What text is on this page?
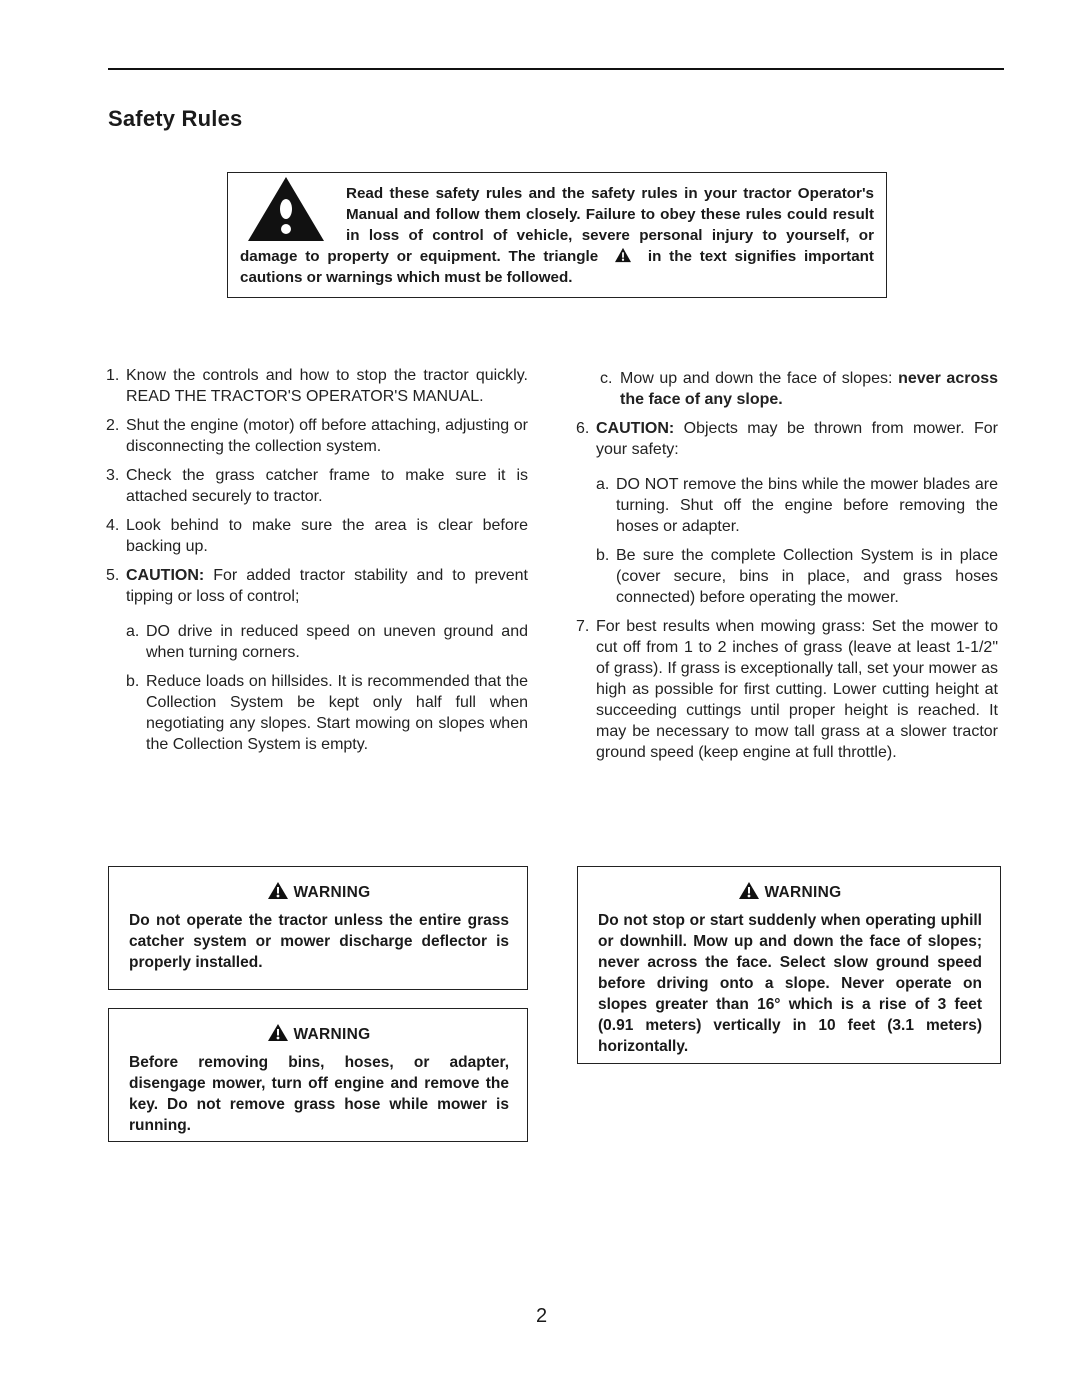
Safety Rules
Read these safety rules and the safety rules in your tractor Operator's Manual and follow them closely. Failure to obey these rules could result in loss of control of vehicle, severe personal injury to yourself, or damage to property or equipment. The triangle	in the text signifies important cautions or warnings which must be followed.
1. Know the controls and how to stop the tractor quickly. READ THE TRACTOR'S OPERATOR'S MANUAL.
2. Shut the engine (motor) off before attaching, adjusting or disconnecting the collection system.
3. Check the grass catcher frame to make sure it is attached securely to tractor.
4. Look behind to make sure the area is clear before backing up.
5. CAUTION: For added tractor stability and to prevent tipping or loss of control;
a. DO drive in reduced speed on uneven ground and when turning corners.
b. Reduce loads on hillsides. It is recommended that the Collection System be kept only half full when negotiating any slopes. Start mowing on slopes when the Collection System is empty.
c. Mow up and down the face of slopes: never across the face of any slope.
6. CAUTION: Objects may be thrown from mower. For your safety:
a. DO NOT remove the bins while the mower blades are turning. Shut off the engine before removing the hoses or adapter.
b. Be sure the complete Collection System is in place (cover secure, bins in place, and grass hoses connected) before operating the mower.
7. For best results when mowing grass: Set the mower to cut off from 1 to 2 inches of grass (leave at least 1-1/2" of grass). If grass is exceptionally tall, set your mower as high as possible for first cutting. Lower cutting height at succeeding cuttings until proper height is reached. It may be necessary to mow tall grass at a slower tractor ground speed (keep engine at full throttle).
WARNING
Do not operate the tractor unless the entire grass catcher system or mower discharge deflector is properly installed.
WARNING
Before removing bins, hoses, or adapter, disengage mower, turn off engine and remove the key. Do not remove grass hose while mower is running.
WARNING
Do not stop or start suddenly when operating uphill or downhill. Mow up and down the face of slopes; never across the face. Select slow ground speed before driving onto a slope. Never operate on slopes greater than 16° which is a rise of 3 feet (0.91 meters) vertically in 10 feet (3.1 meters) horizontally.
2
